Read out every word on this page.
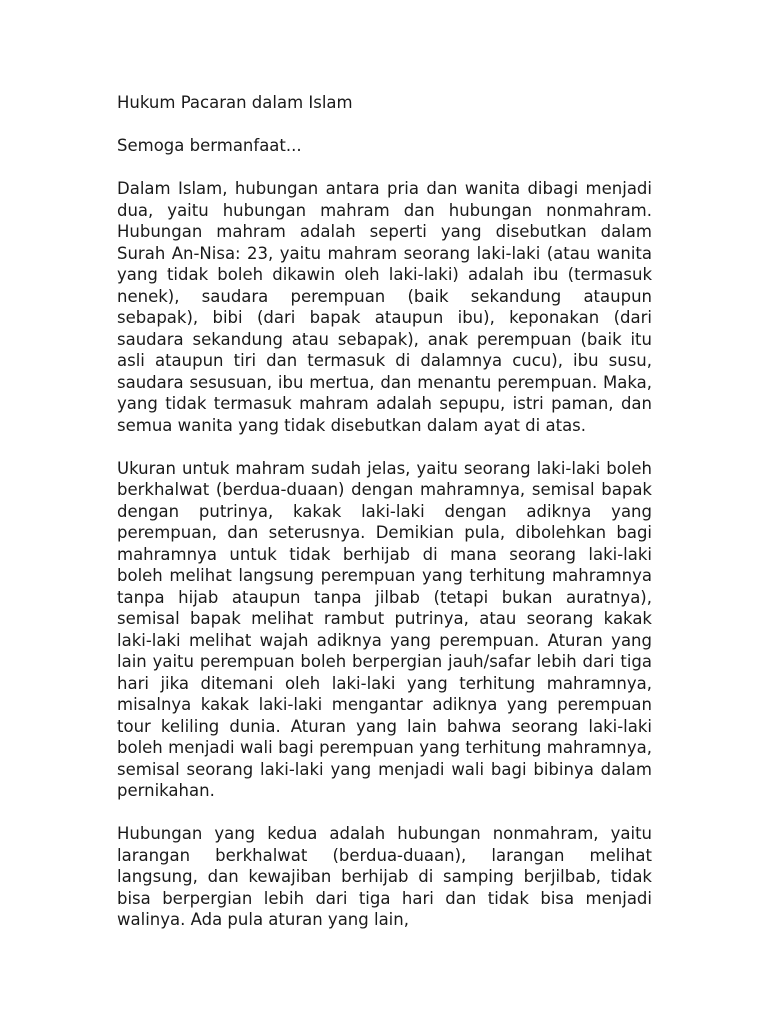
Hukum Pacaran dalam Islam

Semoga bermanfaat...

Dalam Islam, hubungan antara pria dan wanita dibagi menjadi dua, yaitu hubungan mahram dan hubungan nonmahram. Hubungan mahram adalah seperti yang disebutkan dalam Surah An-Nisa: 23, yaitu mahram seorang laki-laki (atau wanita yang tidak boleh dikawin oleh laki-laki) adalah ibu (termasuk nenek), saudara perempuan (baik sekandung ataupun sebapak), bibi (dari bapak ataupun ibu), keponakan (dari saudara sekandung atau sebapak), anak perempuan (baik itu asli ataupun tiri dan termasuk di dalamnya cucu), ibu susu, saudara sesusuan, ibu mertua, dan menantu perempuan. Maka, yang tidak termasuk mahram adalah sepupu, istri paman, dan semua wanita yang tidak disebutkan dalam ayat di atas.

Ukuran untuk mahram sudah jelas, yaitu seorang laki-laki boleh berkhalwat (berdua-duaan) dengan mahramnya, semisal bapak dengan putrinya, kakak laki-laki dengan adiknya yang perempuan, dan seterusnya. Demikian pula, dibolehkan bagi mahramnya untuk tidak berhijab di mana seorang laki-laki boleh melihat langsung perempuan yang terhitung mahramnya tanpa hijab ataupun tanpa jilbab (tetapi bukan auratnya), semisal bapak melihat rambut putrinya, atau seorang kakak laki-laki melihat wajah adiknya yang perempuan. Aturan yang lain yaitu perempuan boleh berpergian jauh/safar lebih dari tiga hari jika ditemani oleh laki-laki yang terhitung mahramnya, misalnya kakak laki-laki mengantar adiknya yang perempuan tour keliling dunia. Aturan yang lain bahwa seorang laki-laki boleh menjadi wali bagi perempuan yang terhitung mahramnya, semisal seorang laki-laki yang menjadi wali bagi bibinya dalam pernikahan.

Hubungan yang kedua adalah hubungan nonmahram, yaitu larangan berkhalwat (berdua-duaan), larangan melihat langsung, dan kewajiban berhijab di samping berjilbab, tidak bisa berpergian lebih dari tiga hari dan tidak bisa menjadi walinya. Ada pula aturan yang lain,
